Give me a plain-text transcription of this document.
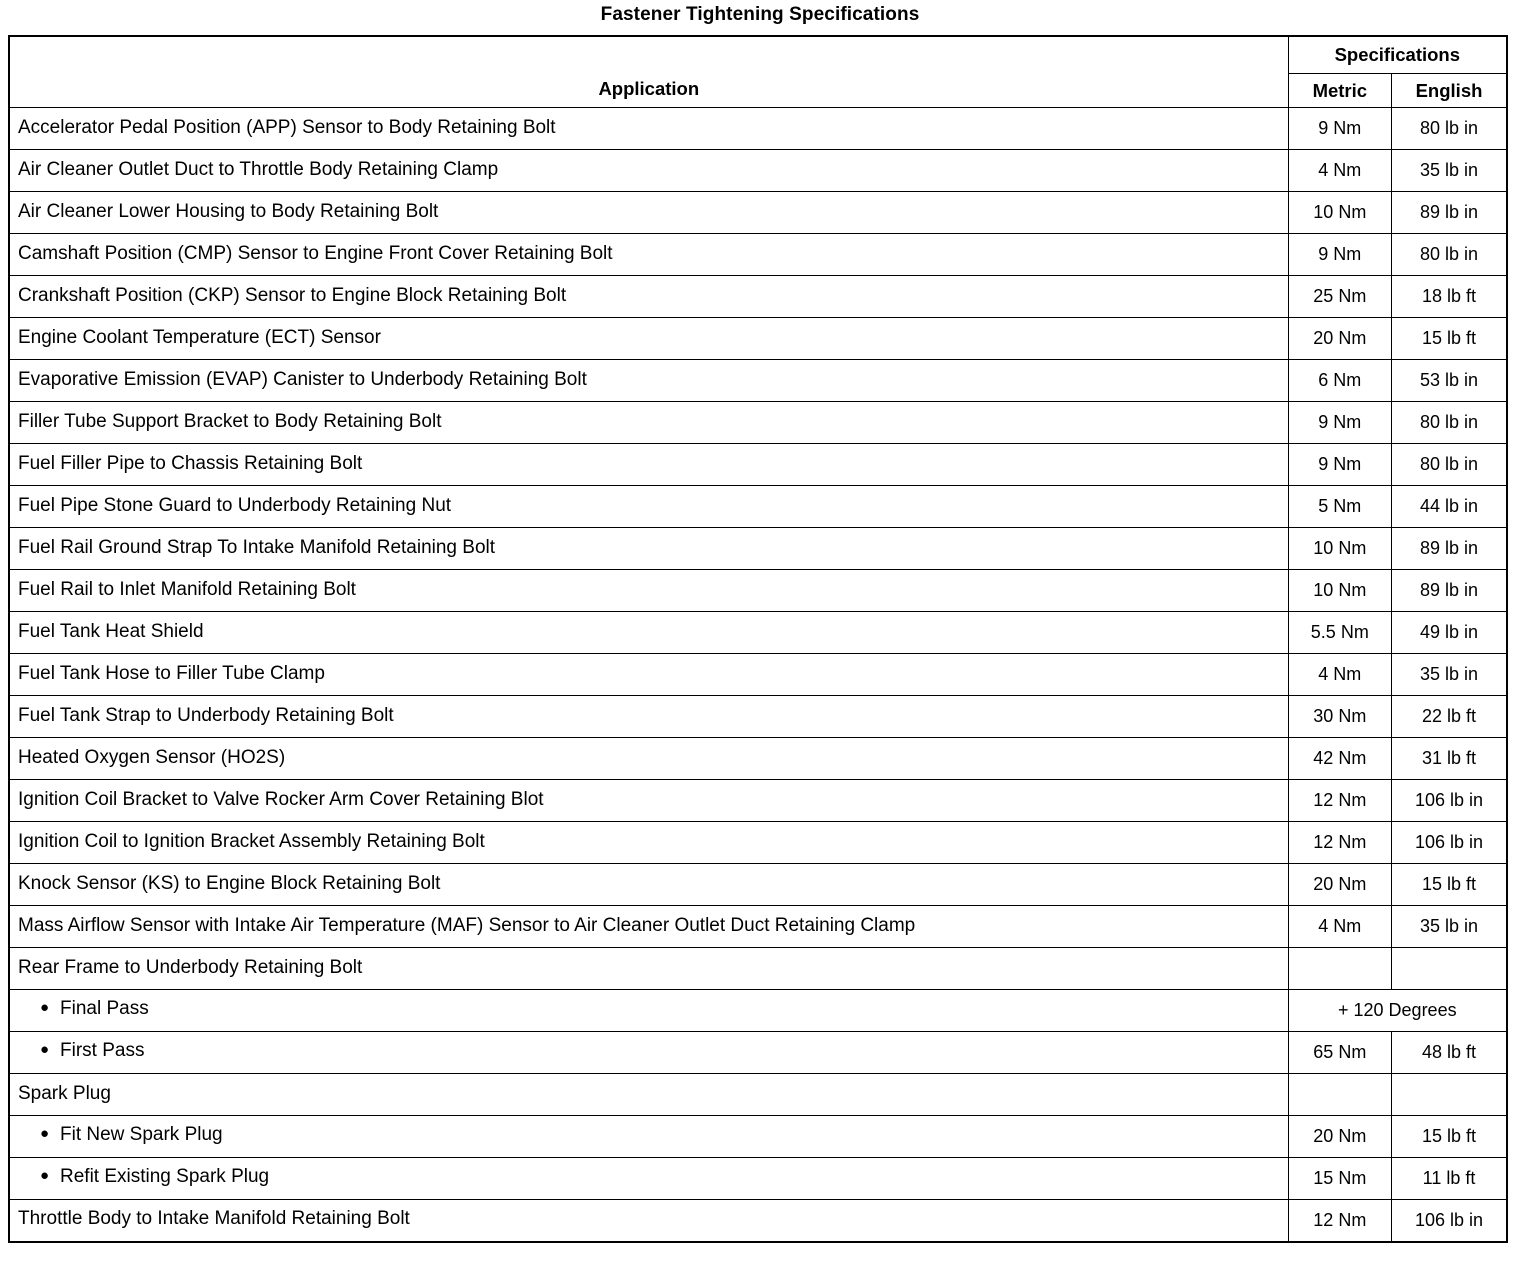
Fastener Tightening Specifications
Application	Specifications	
	Metric	English
Accelerator Pedal Position (APP) Sensor to Body Retaining Bolt	9 Nm	80 lb in
Air Cleaner Outlet Duct to Throttle Body Retaining Clamp	4 Nm	35 lb in
Air Cleaner Lower Housing to Body Retaining Bolt	10 Nm	89 lb in
Camshaft Position (CMP) Sensor to Engine Front Cover Retaining Bolt	9 Nm	80 lb in
Crankshaft Position (CKP) Sensor to Engine Block Retaining Bolt	25 Nm	18 lb ft
Engine Coolant Temperature (ECT) Sensor	20 Nm	15 lb ft
Evaporative Emission (EVAP) Canister to Underbody Retaining Bolt	6 Nm	53 lb in
Filler Tube Support Bracket to Body Retaining Bolt	9 Nm	80 lb in
Fuel Filler Pipe to Chassis Retaining Bolt	9 Nm	80 lb in
Fuel Pipe Stone Guard to Underbody Retaining Nut	5 Nm	44 lb in
Fuel Rail Ground Strap To Intake Manifold Retaining Bolt	10 Nm	89 lb in
Fuel Rail to Inlet Manifold Retaining Bolt	10 Nm	89 lb in
Fuel Tank Heat Shield	5.5 Nm	49 lb in
Fuel Tank Hose to Filler Tube Clamp	4 Nm	35 lb in
Fuel Tank Strap to Underbody Retaining Bolt	30 Nm	22 lb ft
Heated Oxygen Sensor (HO2S)	42 Nm	31 lb ft
Ignition Coil Bracket to Valve Rocker Arm Cover Retaining Blot	12 Nm	106 lb in
Ignition Coil to Ignition Bracket Assembly Retaining Bolt	12 Nm	106 lb in
Knock Sensor (KS) to Engine Block Retaining Bolt	20 Nm	15 lb ft
Mass Airflow Sensor with Intake Air Temperature (MAF) Sensor to Air Cleaner Outlet Duct Retaining Clamp	4 Nm	35 lb in
Rear Frame to Underbody Retaining Bolt		
● Final Pass	+ 120 Degrees	
● First Pass	65 Nm	48 lb ft
Spark Plug		
● Fit New Spark Plug	20 Nm	15 lb ft
● Refit Existing Spark Plug	15 Nm	11 lb ft
Throttle Body to Intake Manifold Retaining Bolt	12 Nm	106 lb in
